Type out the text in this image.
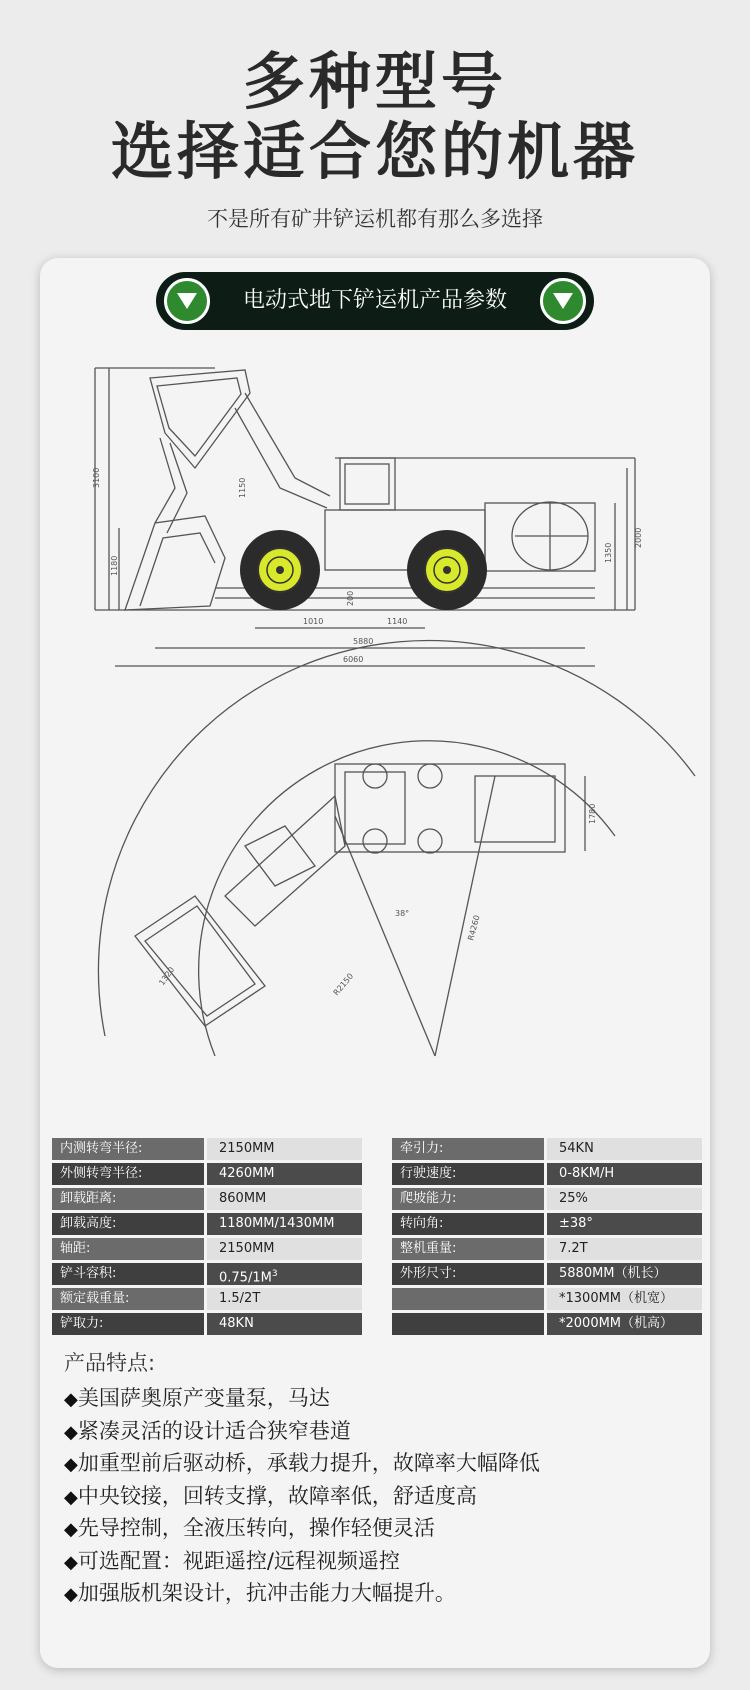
多种型号
选择适合您的机器
不是所有矿井铲运机都有那么多选择
电动式地下铲运机产品参数
3100
1180
1010	1140
5880
6060
2000
1350
200
1150
1780
R4260
R2150
1320
38°
内测转弯半径:	2150MM
外侧转弯半径:	4260MM
卸载距离:	860MM
卸载高度:	1180MM/1430MM
轴距:	2150MM
铲斗容积:	$0.75/1M^3$
额定载重量:	1.5/2T
铲取力:	48KN
牵引力:	54KN
行驶速度:	0-8KM/H
爬坡能力:	25%
转向角:	±38°
整机重量:	7.2T
外形尺寸:	5880MM（机长）
*1300MM（机宽）
*2000MM（机高）
产品特点:
◆美国萨奥原产变量泵，马达
◆紧凑灵活的设计适合狭窄巷道
◆加重型前后驱动桥，承载力提升，故障率大幅降低
◆中央铰接，回转支撑，故障率低，舒适度高
◆先导控制，全液压转向，操作轻便灵活
◆可选配置：视距遥控/远程视频遥控
◆加强版机架设计，抗冲击能力大幅提升。
